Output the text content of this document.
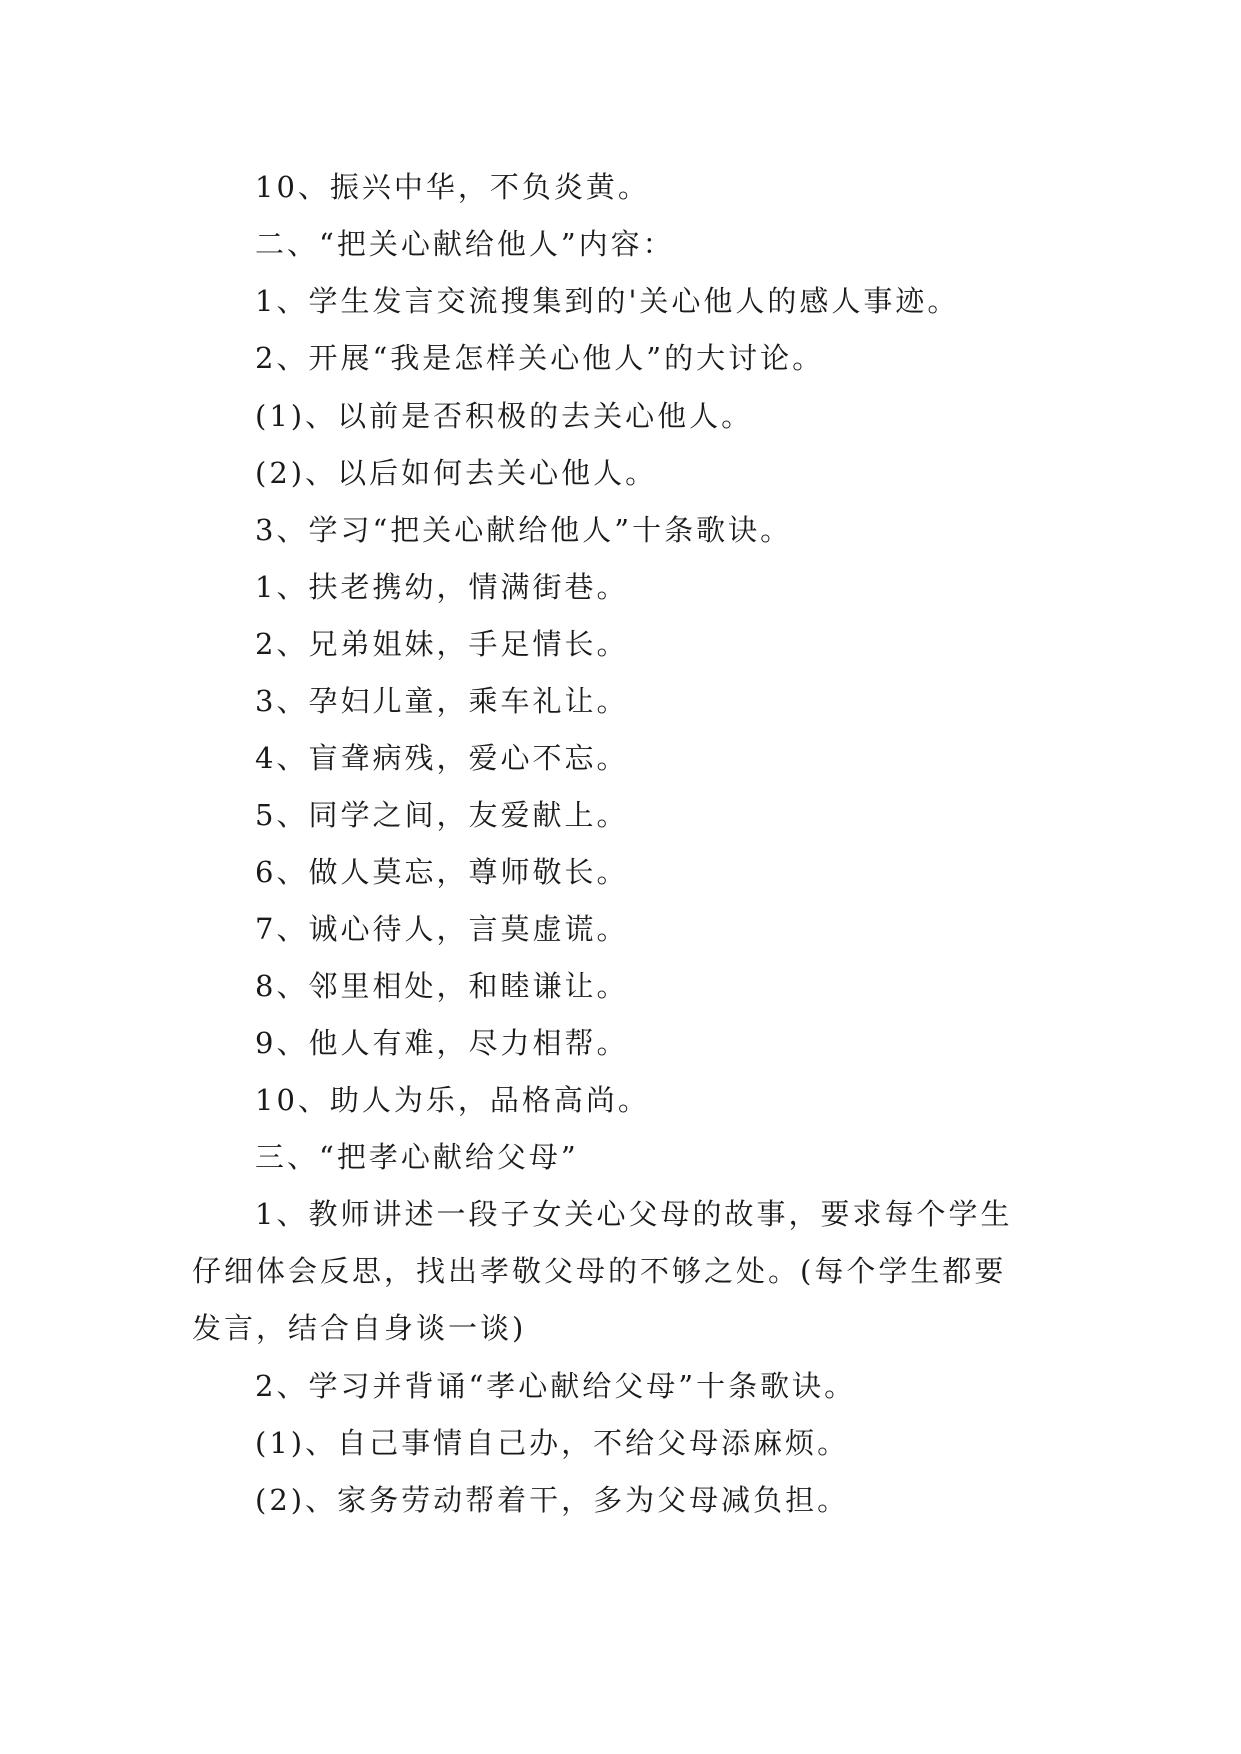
10、振兴中华，不负炎黄。
二、“把关心献给他人”内容：
1、学生发言交流搜集到的'关心他人的感人事迹。
2、开展“我是怎样关心他人”的大讨论。
(1)、以前是否积极的去关心他人。
(2)、以后如何去关心他人。
3、学习“把关心献给他人”十条歌诀。
1、扶老携幼，情满街巷。
2、兄弟姐妹，手足情长。
3、孕妇儿童，乘车礼让。
4、盲聋病残，爱心不忘。
5、同学之间，友爱献上。
6、做人莫忘，尊师敬长。
7、诚心待人，言莫虚谎。
8、邻里相处，和睦谦让。
9、他人有难，尽力相帮。
10、助人为乐，品格高尚。
三、“把孝心献给父母”
1、教师讲述一段子女关心父母的故事，要求每个学生
仔细体会反思，找出孝敬父母的不够之处。(每个学生都要
发言，结合自身谈一谈)
2、学习并背诵“孝心献给父母”十条歌诀。
(1)、自己事情自己办，不给父母添麻烦。
(2)、家务劳动帮着干，多为父母减负担。
